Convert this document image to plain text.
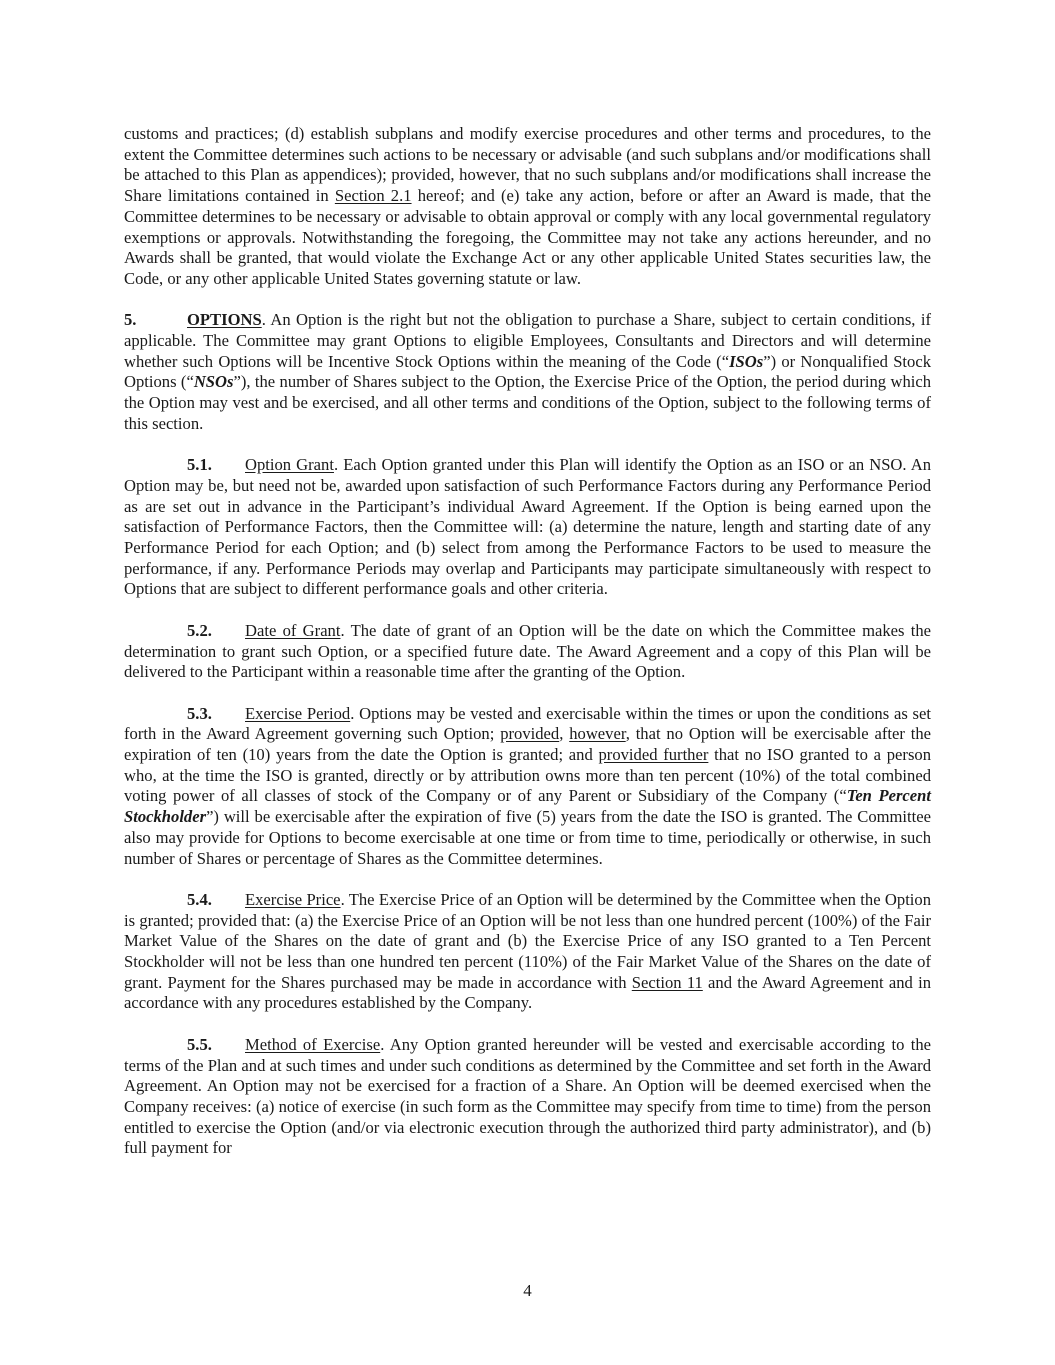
customs and practices; (d) establish subplans and modify exercise procedures and other terms and procedures, to the extent the Committee determines such actions to be necessary or advisable (and such subplans and/or modifications shall be attached to this Plan as appendices); provided, however, that no such subplans and/or modifications shall increase the Share limitations contained in Section 2.1 hereof; and (e) take any action, before or after an Award is made, that the Committee determines to be necessary or advisable to obtain approval or comply with any local governmental regulatory exemptions or approvals. Notwithstanding the foregoing, the Committee may not take any actions hereunder, and no Awards shall be granted, that would violate the Exchange Act or any other applicable United States securities law, the Code, or any other applicable United States governing statute or law.

5.	OPTIONS. An Option is the right but not the obligation to purchase a Share, subject to certain conditions, if applicable. The Committee may grant Options to eligible Employees, Consultants and Directors and will determine whether such Options will be Incentive Stock Options within the meaning of the Code (“ISOs”) or Nonqualified Stock Options (“NSOs”), the number of Shares subject to the Option, the Exercise Price of the Option, the period during which the Option may vest and be exercised, and all other terms and conditions of the Option, subject to the following terms of this section.

5.1. Option Grant. Each Option granted under this Plan will identify the Option as an ISO or an NSO. An Option may be, but need not be, awarded upon satisfaction of such Performance Factors during any Performance Period as are set out in advance in the Participant’s individual Award Agreement. If the Option is being earned upon the satisfaction of Performance Factors, then the Committee will: (a) determine the nature, length and starting date of any Performance Period for each Option; and (b) select from among the Performance Factors to be used to measure the performance, if any. Performance Periods may overlap and Participants may participate simultaneously with respect to Options that are subject to different performance goals and other criteria.

5.2. Date of Grant. The date of grant of an Option will be the date on which the Committee makes the determination to grant such Option, or a specified future date. The Award Agreement and a copy of this Plan will be delivered to the Participant within a reasonable time after the granting of the Option.

5.3. Exercise Period. Options may be vested and exercisable within the times or upon the conditions as set forth in the Award Agreement governing such Option; provided, however, that no Option will be exercisable after the expiration of ten (10) years from the date the Option is granted; and provided further that no ISO granted to a person who, at the time the ISO is granted, directly or by attribution owns more than ten percent (10%) of the total combined voting power of all classes of stock of the Company or of any Parent or Subsidiary of the Company (“Ten Percent Stockholder”) will be exercisable after the expiration of five (5) years from the date the ISO is granted. The Committee also may provide for Options to become exercisable at one time or from time to time, periodically or otherwise, in such number of Shares or percentage of Shares as the Committee determines.

5.4. Exercise Price. The Exercise Price of an Option will be determined by the Committee when the Option is granted; provided that: (a) the Exercise Price of an Option will be not less than one hundred percent (100%) of the Fair Market Value of the Shares on the date of grant and (b) the Exercise Price of any ISO granted to a Ten Percent Stockholder will not be less than one hundred ten percent (110%) of the Fair Market Value of the Shares on the date of grant. Payment for the Shares purchased may be made in accordance with Section 11 and the Award Agreement and in accordance with any procedures established by the Company.

5.5. Method of Exercise. Any Option granted hereunder will be vested and exercisable according to the terms of the Plan and at such times and under such conditions as determined by the Committee and set forth in the Award Agreement. An Option may not be exercised for a fraction of a Share. An Option will be deemed exercised when the Company receives: (a) notice of exercise (in such form as the Committee may specify from time to time) from the person entitled to exercise the Option (and/or via electronic execution through the authorized third party administrator), and (b) full payment for

4
